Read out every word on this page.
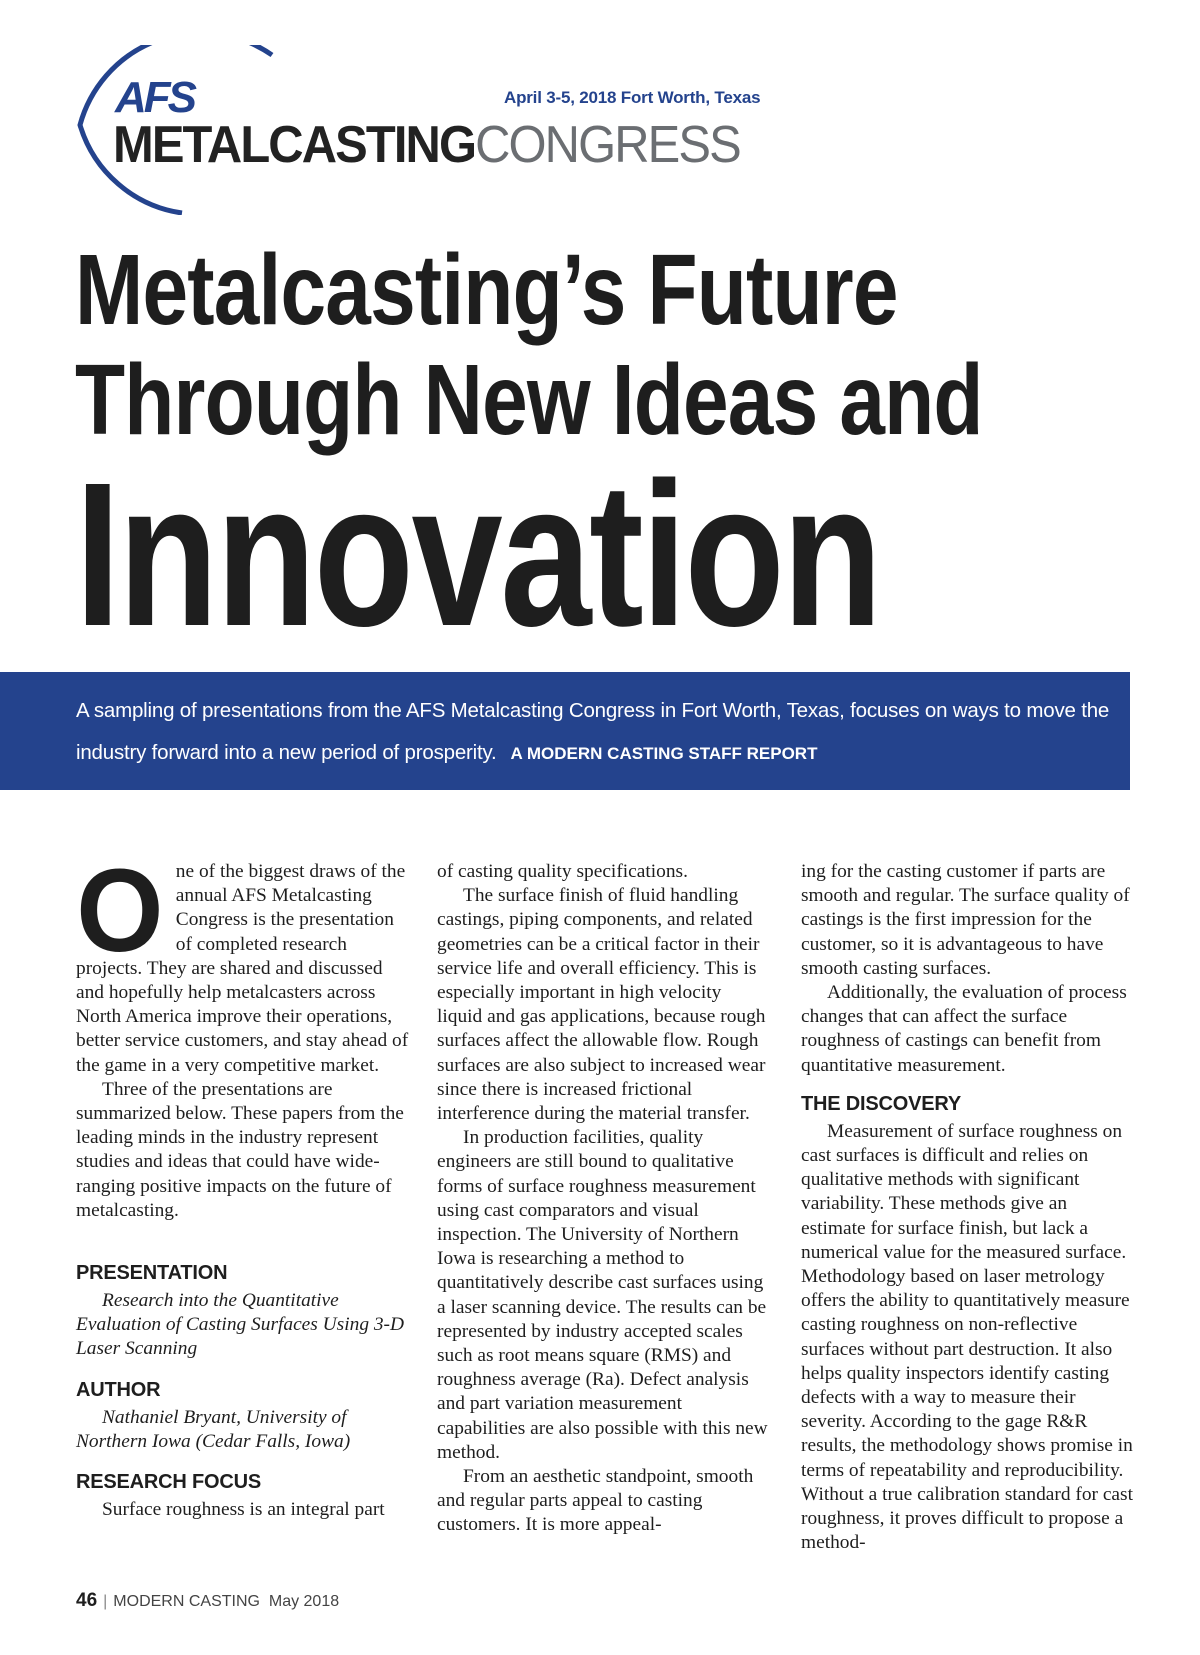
AFS
METALCASTINGCONGRESS
April 3-5, 2018 Fort Worth, Texas
Metalcasting’s Future
Through New Ideas and
Innovation
A sampling of presentations from the AFS Metalcasting Congress in Fort Worth, Texas, focuses on ways to move the industry forward into a new period of prosperity. A MODERN CASTING STAFF REPORT

One of the biggest draws of the annual AFS Metalcasting Congress is the presentation of completed research projects. They are shared and discussed and hopefully help metalcasters across North America improve their operations, better service customers, and stay ahead of the game in a very competitive market.

Three of the presentations are summarized below. These papers from the leading minds in the industry represent studies and ideas that could have wide-ranging positive impacts on the future of metalcasting.

PRESENTATION

Research into the Quantitative Evaluation of Casting Surfaces Using 3-D Laser Scanning

AUTHOR

Nathaniel Bryant, University of Northern Iowa (Cedar Falls, Iowa)

RESEARCH FOCUS

Surface roughness is an integral part

of casting quality specifications.

The surface finish of fluid handling castings, piping components, and related geometries can be a critical factor in their service life and overall efficiency. This is especially important in high velocity liquid and gas applications, because rough surfaces affect the allowable flow. Rough surfaces are also subject to increased wear since there is increased frictional interference during the material transfer.

In production facilities, quality engineers are still bound to qualitative forms of surface roughness measurement using cast comparators and visual inspection. The University of Northern Iowa is researching a method to quantitatively describe cast surfaces using a laser scanning device. The results can be represented by industry accepted scales such as root means square (RMS) and roughness average (Ra). Defect analysis and part variation measurement capabilities are also possible with this new method.

From an aesthetic standpoint, smooth and regular parts appeal to casting customers. It is more appeal-

ing for the casting customer if parts are smooth and regular. The surface quality of castings is the first impression for the customer, so it is advantageous to have smooth casting surfaces.

Additionally, the evaluation of process changes that can affect the surface roughness of castings can benefit from quantitative measurement.

THE DISCOVERY

Measurement of surface roughness on cast surfaces is difficult and relies on qualitative methods with significant variability. These methods give an estimate for surface finish, but lack a numerical value for the measured surface. Methodology based on laser metrology offers the ability to quantitatively measure casting roughness on non-reflective surfaces without part destruction. It also helps quality inspectors identify casting defects with a way to measure their severity. According to the gage R&R results, the methodology shows promise in terms of repeatability and reproducibility. Without a true calibration standard for cast roughness, it proves difficult to propose a method-

46 | MODERN CASTING May 2018
